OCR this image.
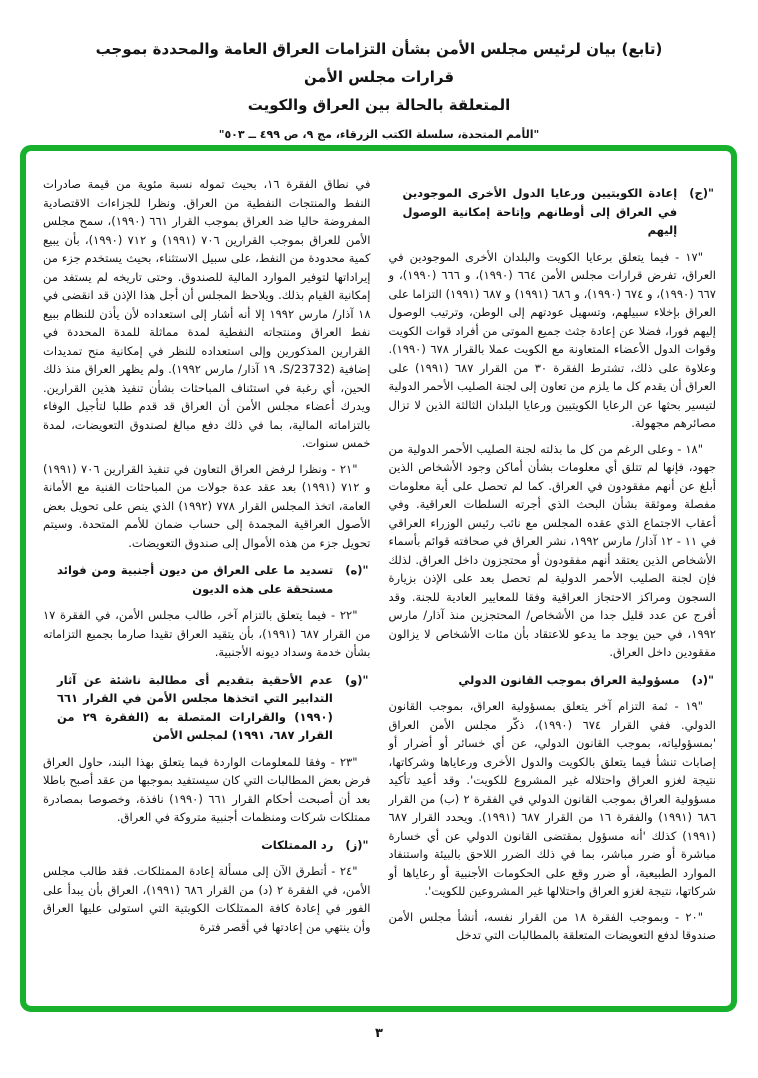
(تابع) بيان لرئيس مجلس الأمن بشأن التزامات العراق العامة والمحددة بموجب قرارات مجلس الأمن
المتعلقة بالحالة بين العراق والكويت
"الأمم المتحدة، سلسلة الكتب الزرقاء، مج ٩، ص ٤٩٩ ــ ٥٠٣"
"(ج)
إعادة الكويتيين ورعايا الدول الأخرى الموجودين في العراق إلى أوطانهم وإتاحة إمكانية الوصول إليهم

"١٧ - فيما يتعلق برعايا الكويت والبلدان الأخرى الموجودين في العراق، تفرض قرارات مجلس الأمن ٦٦٤ (١٩٩٠)، و ٦٦٦ (١٩٩٠)، و ٦٦٧ (١٩٩٠)، و ٦٧٤ (١٩٩٠)، و ٦٨٦ (١٩٩١) و ٦٨٧ (١٩٩١) التزاما على العراق بإخلاء سبيلهم، وتسهيل عودتهم إلى الوطن، وترتيب الوصول إليهم فورا، فضلا عن إعادة جثث جميع الموتى من أفراد قوات الكويت وقوات الدول الأعضاء المتعاونة مع الكويت عملا بالقرار ٦٧٨ (١٩٩٠). وعلاوة على ذلك، تشترط الفقرة ٣٠ من القرار ٦٨٧ (١٩٩١) على العراق أن يقدم كل ما يلزم من تعاون إلى لجنة الصليب الأحمر الدولية لتيسير بحثها عن الرعايا الكويتيين ورعايا البلدان الثالثة الذين لا تزال مصائرهم مجهولة.

"١٨ - وعلى الرغم من كل ما بذلته لجنة الصليب الأحمر الدولية من جهود، فإنها لم تتلق أي معلومات بشأن أماكن وجود الأشخاص الذين أبلغ عن أنهم مفقودون في العراق. كما لم تحصل على أية معلومات مفصلة وموثقة بشأن البحث الذي أجرته السلطات العراقية. وفي أعقاب الاجتماع الذي عقده المجلس مع نائب رئيس الوزراء العراقي في ١١ - ١٢ آذار/ مارس ١٩٩٢، نشر العراق في صحافته قوائم بأسماء الأشخاص الذين يعتقد أنهم مفقودون أو محتجزون داخل العراق. لذلك فإن لجنة الصليب الأحمر الدولية لم تحصل بعد على الإذن بزيارة السجون ومراكز الاحتجاز العراقية وفقا للمعايير العادية للجنة. وقد أفرج عن عدد قليل جدا من الأشخاص/ المحتجزين منذ آذار/ مارس ١٩٩٢، في حين يوجد ما يدعو للاعتقاد بأن مئات الأشخاص لا يزالون مفقودين داخل العراق.

"(د)
مسؤولية العراق بموجب القانون الدولي

"١٩ - ثمة التزام آخر يتعلق بمسؤولية العراق، بموجب القانون الدولي. ففي القرار ٦٧٤ (١٩٩٠)، ذكّر مجلس الأمن العراق 'بمسؤولياته، بموجب القانون الدولي، عن أي خسائر أو أضرار أو إصابات تنشأ فيما يتعلق بالكويت والدول الأخرى ورعاياها وشركاتها، نتيجة لغزو العراق واحتلاله غير المشروع للكويت'. وقد أعيد تأكيد مسؤولية العراق بموجب القانون الدولي في الفقرة ٢ (ب) من القرار ٦٨٦ (١٩٩١) والفقرة ١٦ من القرار ٦٨٧ (١٩٩١). ويحدد القرار ٦٨٧ (١٩٩١) كذلك 'أنه مسؤول بمقتضى القانون الدولي عن أي خسارة مباشرة أو ضرر مباشر، بما في ذلك الضرر اللاحق بالبيئة واستنفاد الموارد الطبيعية، أو ضرر وقع على الحكومات الأجنبية أو رعاياها أو شركاتها، نتيجة لغزو العراق واحتلالها غير المشروعين للكويت'.

"٢٠ - وبموجب الفقرة ١٨ من القرار نفسه، أنشأ مجلس الأمن صندوقا لدفع التعويضات المتعلقة بالمطالبات التي تدخل

في نطاق الفقرة ١٦، بحيث تموله نسبة مئوية من قيمة صادرات النفط والمنتجات النفطية من العراق. ونظرا للجزاءات الاقتصادية المفروضة حاليا ضد العراق بموجب القرار ٦٦١ (١٩٩٠)، سمح مجلس الأمن للعراق بموجب القرارين ٧٠٦ (١٩٩١) و ٧١٢ (١٩٩٠)، بأن يبيع كمية محدودة من النفط، على سبيل الاستثناء، بحيث يستخدم جزء من إيراداتها لتوفير الموارد المالية للصندوق. وحتى تاريخه لم يستفد من إمكانية القيام بذلك. ويلاحظ المجلس أن أجل هذا الإذن قد انقضى في ١٨ آذار/ مارس ١٩٩٢ إلا أنه أشار إلى استعداده لأن يأذن للنظام ببيع نفط العراق ومنتجاته النفطية لمدة مماثلة للمدة المحددة في القرارين المذكورين وإلى استعداده للنظر في إمكانية منح تمديدات إضافية (S/23732، ١٩ آذار/ مارس ١٩٩٢). ولم يظهر العراق منذ ذلك الحين، أي رغبة في استئناف المباحثات بشأن تنفيذ هذين القرارين. ويدرك أعضاء مجلس الأمن أن العراق قد قدم طلبا لتأجيل الوفاء بالتزاماته المالية، بما في ذلك دفع مبالغ لصندوق التعويضات، لمدة خمس سنوات.

"٢١ - ونظرا لرفض العراق التعاون في تنفيذ القرارين ٧٠٦ (١٩٩١) و ٧١٢ (١٩٩١) بعد عقد عدة جولات من المباحثات الفنية مع الأمانة العامة، اتخذ المجلس القرار ٧٧٨ (١٩٩٢) الذي ينص على تحويل بعض الأصول العراقية المجمدة إلى حساب ضمان للأمم المتحدة. وسيتم تحويل جزء من هذه الأموال إلى صندوق التعويضات.

"(ه)
تسديد ما على العراق من ديون أجنبية ومن فوائد مستحقة على هذه الديون

"٢٢ - فيما يتعلق بالتزام آخر، طالب مجلس الأمن، في الفقرة ١٧ من القرار ٦٨٧ (١٩٩١)، بأن يتقيد العراق تقيدا صارما بجميع التزاماته بشأن خدمة وسداد ديونه الأجنبية.

"(و)
عدم الأحقية بتقديم أى مطالبة ناشئة عن آثار التدابير التي اتخذها مجلس الأمن في القرار ٦٦١ (١٩٩٠) والقرارات المتصلة به (الفقرة ٢٩ من القرار ٦٨٧، ١٩٩١) لمجلس الأمن

"٢٣ - وفقا للمعلومات الواردة فيما يتعلق بهذا البند، حاول العراق فرض بعض المطالبات التي كان سيستفيد بموجبها من عقد أصبح باطلا بعد أن أصبحت أحكام القرار ٦٦١ (١٩٩٠) نافذة، وخصوصا بمصادرة ممتلكات شركات ومنظمات أجنبية متروكة في العراق.

"(ز)
رد الممتلكات

"٢٤ - أتطرق الآن إلى مسألة إعادة الممتلكات. فقد طالب مجلس الأمن، في الفقرة ٢ (د) من القرار ٦٨٦ (١٩٩١)، العراق بأن يبدأ على الفور في إعادة كافة الممتلكات الكويتية التي استولى عليها العراق وأن ينتهي من إعادتها في أقصر فترة

٣
